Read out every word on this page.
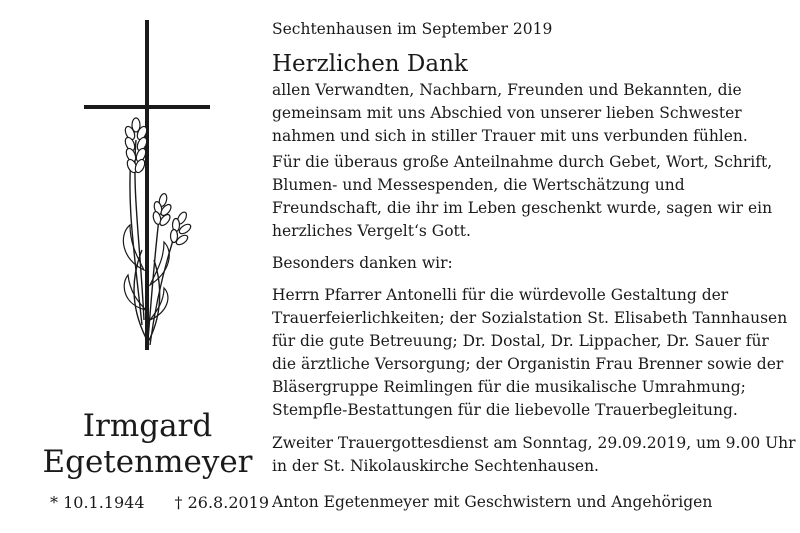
Irmgard
Egetenmeyer
* 10.1.1944 † 26.8.2019
Sechtenhausen im September 2019
Herzlichen Dank
allen Verwandten, Nachbarn, Freunden und Bekannten, die
gemeinsam mit uns Abschied von unserer lieben Schwester
nahmen und sich in stiller Trauer mit uns verbunden fühlen.
Für die überaus große Anteilnahme durch Gebet, Wort, Schrift,
Blumen- und Messespenden, die Wertschätzung und
Freundschaft, die ihr im Leben geschenkt wurde, sagen wir ein
herzliches Vergelt‘s Gott.
Besonders danken wir:
Herrn Pfarrer Antonelli für die würdevolle Gestaltung der
Trauerfeierlichkeiten; der Sozialstation St. Elisabeth Tannhausen
für die gute Betreuung; Dr. Dostal, Dr. Lippacher, Dr. Sauer für
die ärztliche Versorgung; der Organistin Frau Brenner sowie der
Bläsergruppe Reimlingen für die musikalische Umrahmung;
Stempfle-Bestattungen für die liebevolle Trauerbegleitung.
Zweiter Trauergottesdienst am Sonntag, 29.09.2019, um 9.00 Uhr
in der St. Nikolauskirche Sechtenhausen.
Anton Egetenmeyer mit Geschwistern und Angehörigen
